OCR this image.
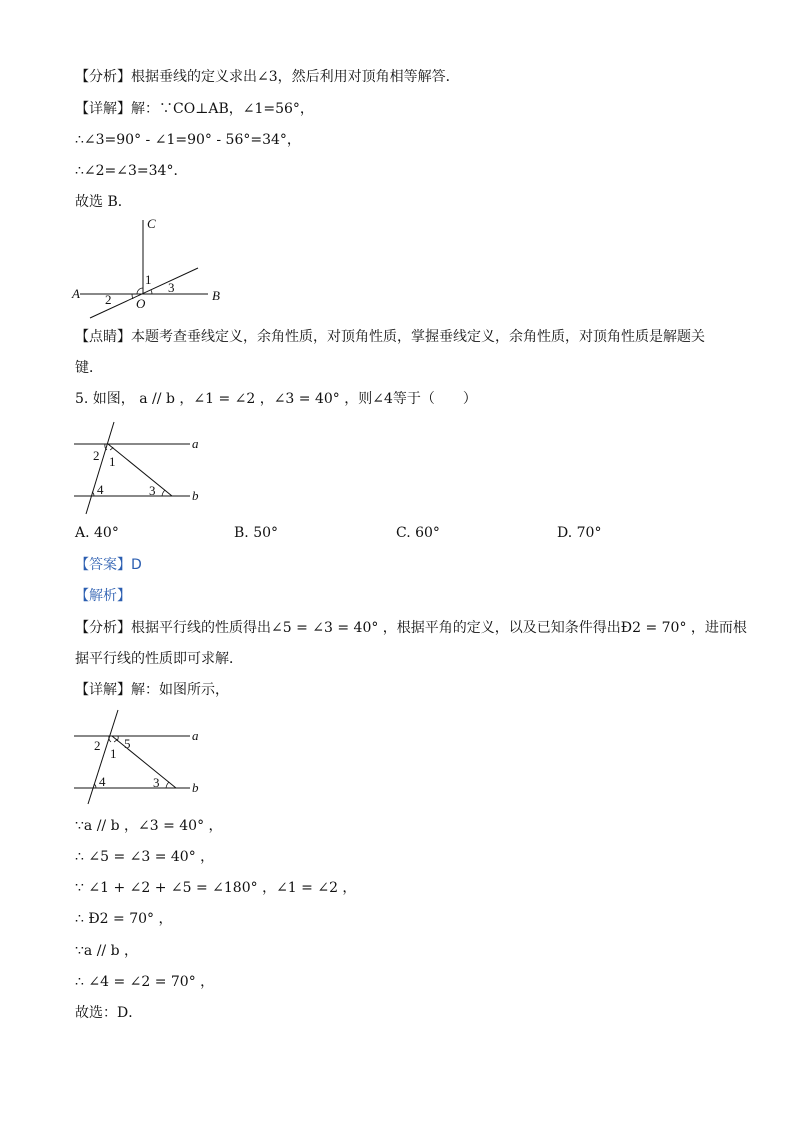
【分析】根据垂线的定义求出∠3，然后利用对顶角相等解答．
【详解】解：∵CO⊥AB，∠1=56°，
∴∠3=90° - ∠1=90° - 56°=34°，
∴∠2=∠3=34°．
故选 B．
C
A	B
O
1
2
3
【点睛】本题考查垂线定义，余角性质，对顶角性质，掌握垂线定义，余角性质，对顶角性质是解题关
键．
5. 如图， a // b ，∠1 = ∠2 ，∠3 = 40° ，则∠4等于（　　）
a
b
2 1
4	3
A. 40°	B. 50°	C. 60°	D. 70°
【答案】D
【解析】
【分析】根据平行线的性质得出∠5 = ∠3 = 40° ，根据平角的定义，以及已知条件得出Ð2 = 70° ，进而根
据平行线的性质即可求解．
【详解】解：如图所示，
a
b
2 5
1
4	3
∵a // b ，∠3 = 40° ，
∴ ∠5 = ∠3 = 40° ，
∵ ∠1 + ∠2 + ∠5 = ∠180° ，∠1 = ∠2 ，
∴ Ð2 = 70° ，
∵a // b ，
∴ ∠4 = ∠2 = 70° ，
故选：D．
